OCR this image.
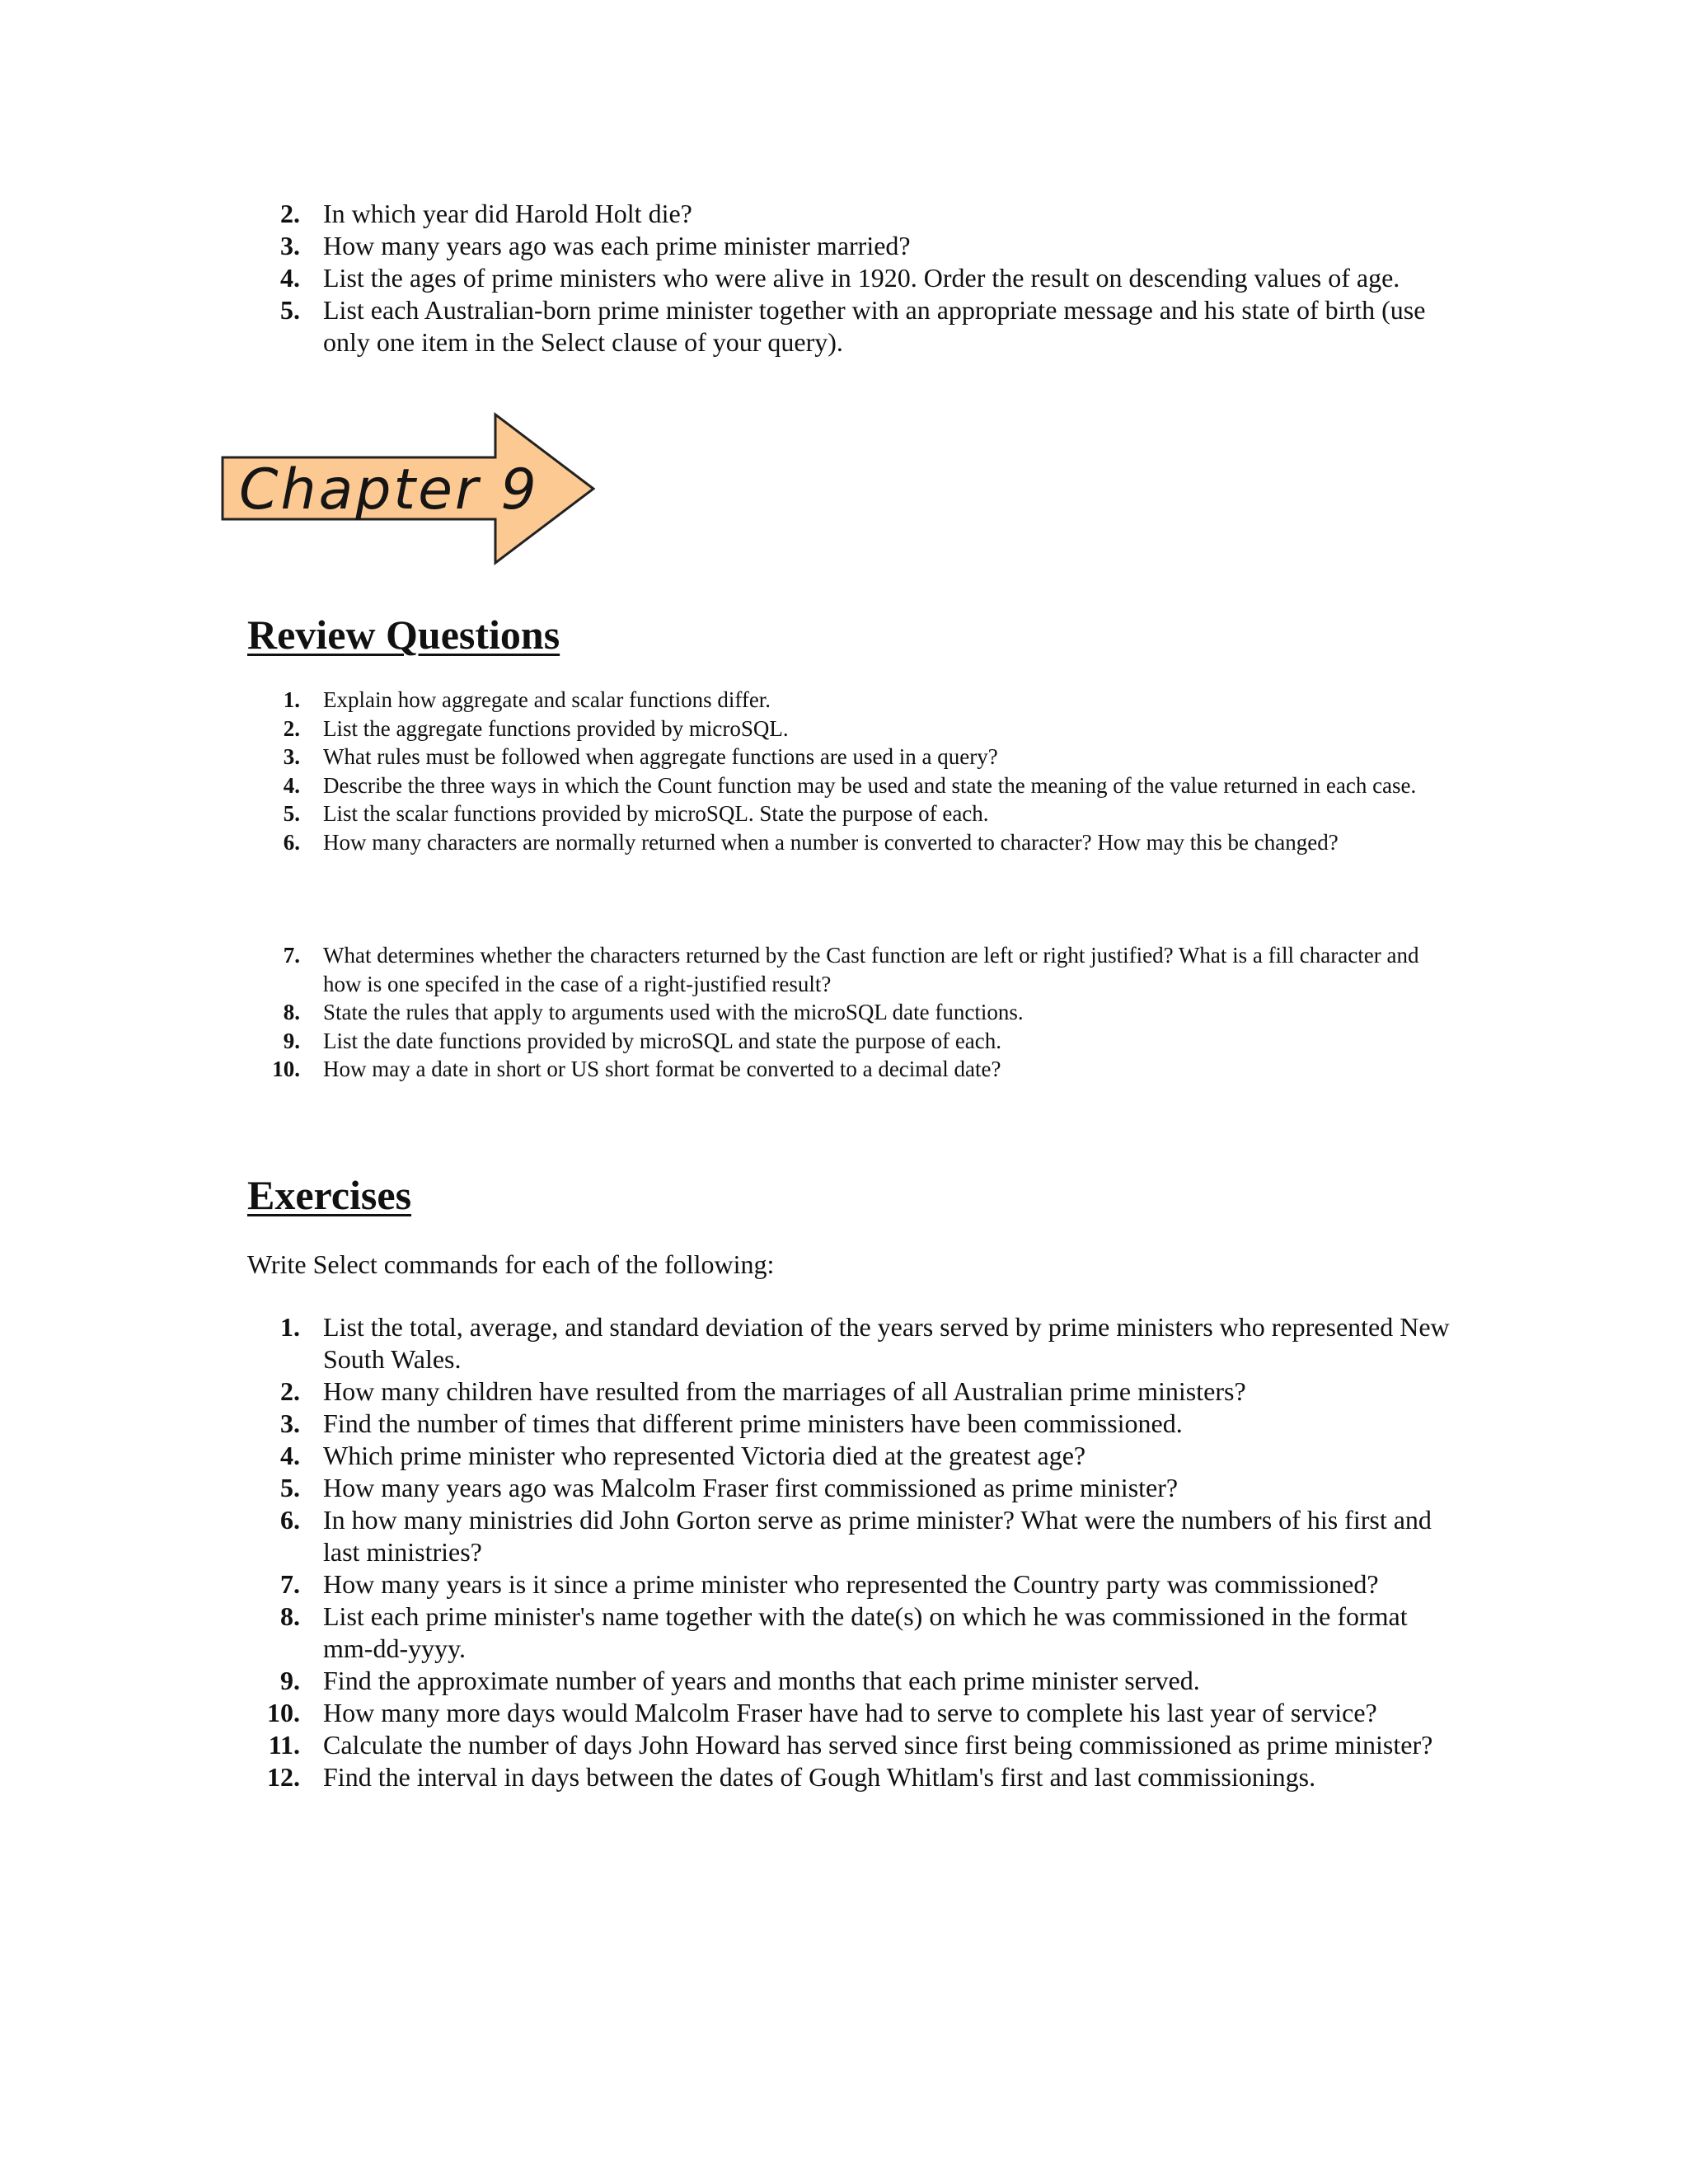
2. In which year did Harold Holt die?
3. How many years ago was each prime minister married?
4. List the ages of prime ministers who were alive in 1920. Order the result on descending values of age.
5. List each Australian-born prime minister together with an appropriate message and his state of birth (use only one item in the Select clause of your query).
Chapter 9
Review Questions
1.	Explain how aggregate and scalar functions differ.
2.	List the aggregate functions provided by microSQL.
3.	What rules must be followed when aggregate functions are used in a query?
4.	Describe the three ways in which the Count function may be used and state the meaning of the value returned in each case.
5.	List the scalar functions provided by microSQL. State the purpose of each.
6.	How many characters are normally returned when a number is converted to character? How may this be changed?
7.	What determines whether the characters returned by the Cast function are left or right justified? What is a fill character and how is one specifed in the case of a right-justified result?
8.	State the rules that apply to arguments used with the microSQL date functions.
9.	List the date functions provided by microSQL and state the purpose of each.
10.	How may a date in short or US short format be converted to a decimal date?
Exercises
Write Select commands for each of the following:
1. List the total, average, and standard deviation of the years served by prime ministers who represented New South Wales.
2. How many children have resulted from the marriages of all Australian prime ministers?
3. Find the number of times that different prime ministers have been commissioned.
4. Which prime minister who represented Victoria died at the greatest age?
5. How many years ago was Malcolm Fraser first commissioned as prime minister?
6. In how many ministries did John Gorton serve as prime minister? What were the numbers of his first and last ministries?
7. How many years is it since a prime minister who represented the Country party was commissioned?
8. List each prime minister's name together with the date(s) on which he was commissioned in the format mm-dd-yyyy.
9. Find the approximate number of years and months that each prime minister served.
10. How many more days would Malcolm Fraser have had to serve to complete his last year of service?
11. Calculate the number of days John Howard has served since first being commissioned as prime minister?
12. Find the interval in days between the dates of Gough Whitlam's first and last commissionings.
